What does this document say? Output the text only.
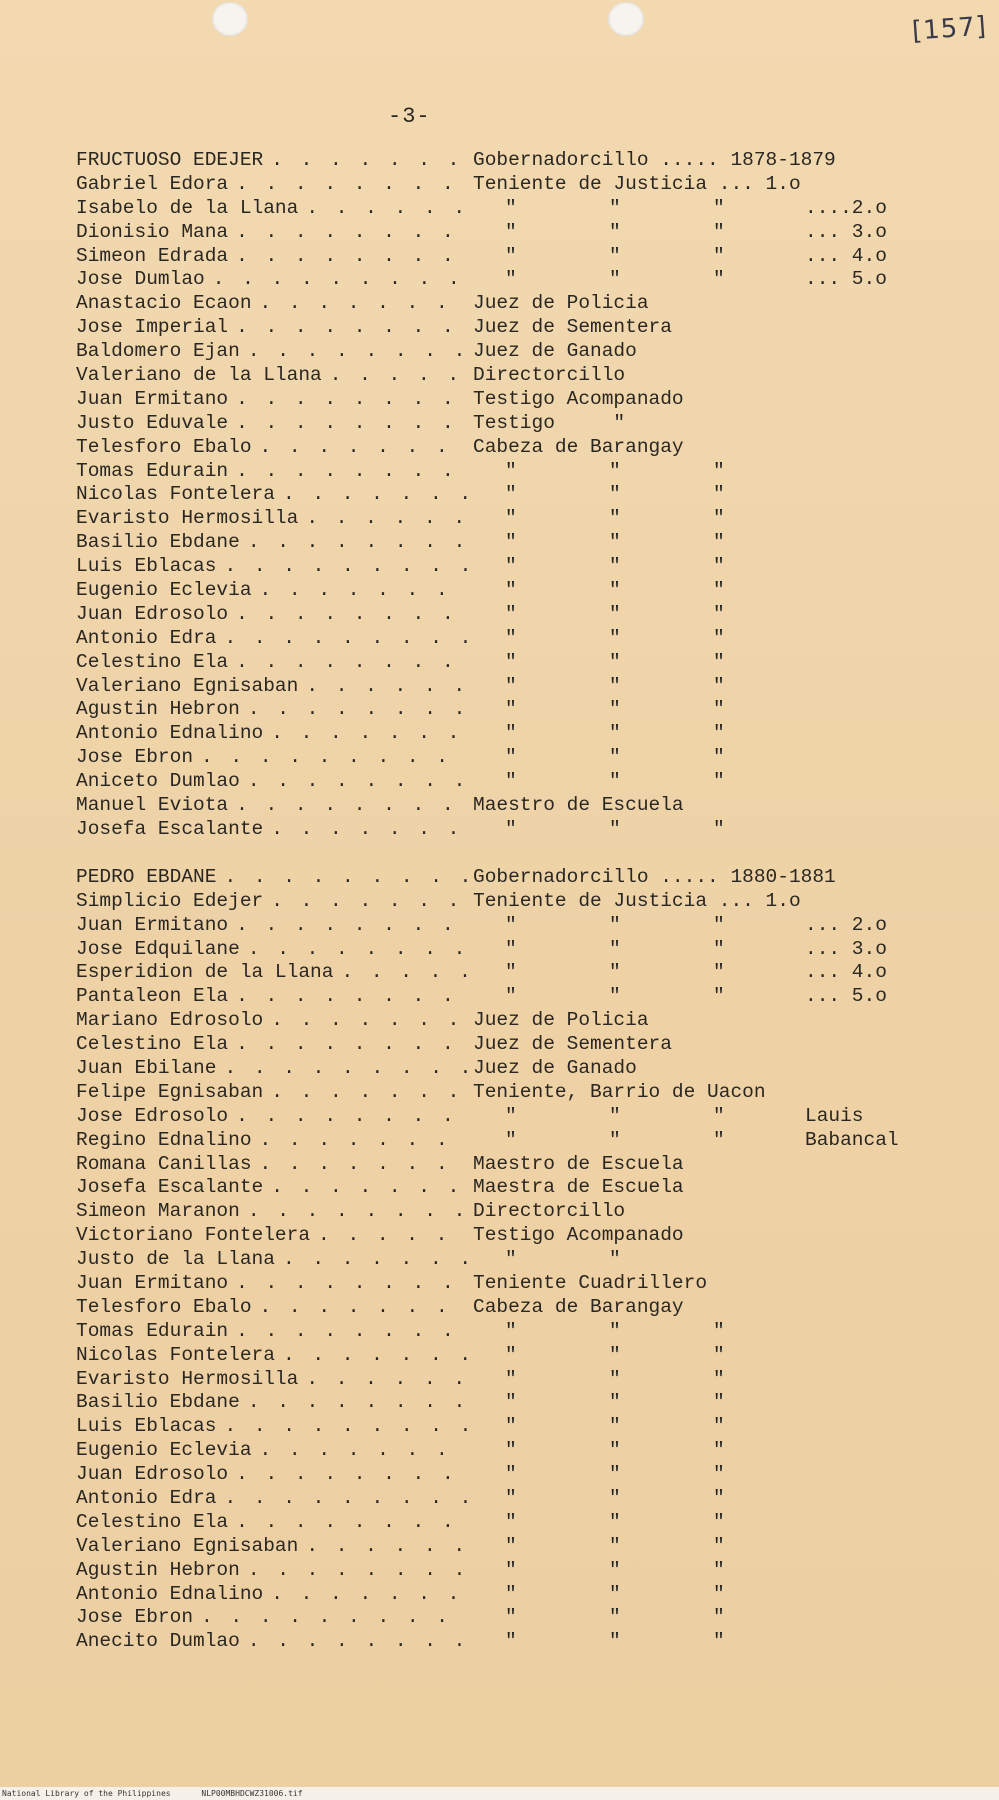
[157]
-3-
FRUCTUOSO EDEJER . . .	Gobernadorcillo ..... 1878-1879
Gabriel Edora . . .	Teniente de Justicia ... 1.o
Isabelo de la Llana . . .	"	"	"	....2.o
Dionisio Mana . . .	"	"	"	... 3.o
Simeon Edrada . . .	"	"	"	... 4.o
Jose Dumlao . . .	"	"	"	... 5.o
Anastacio Ecaon . . .	Juez de Policia
Jose Imperial . . .	Juez de Sementera
Baldomero Ejan . . .	Juez de Ganado
Valeriano de la Llana . . .	Directorcillo
Juan Ermitano . . .	Testigo Acompanado
Justo Eduvale . . .	Testigo     "
Telesforo Ebalo . . .	Cabeza de Barangay
Tomas Edurain . . .	"	"	"
Nicolas Fontelera . . .	"	"	"
Evaristo Hermosilla . . .	"	"	"
Basilio Ebdane . . .	"	"	"
Luis Eblacas . . .	"	"	"
Eugenio Eclevia . . .	"	"	"
Juan Edrosolo . . .	"	"	"
Antonio Edra . . .	"	"	"
Celestino Ela . . .	"	"	"
Valeriano Egnisaban . . .	"	"	"
Agustin Hebron . . .	"	"	"
Antonio Ednalino . . .	"	"	"
Jose Ebron . . .	"	"	"
Aniceto Dumlao . . .	"	"	"
Manuel Eviota . . .	Maestro de Escuela
Josefa Escalante . . .	"	"	"
PEDRO EBDANE . . .	Gobernadorcillo ..... 1880-1881
Simplicio Edejer . . .	Teniente de Justicia ... 1.o
Juan Ermitano . . .	"	"	"	... 2.o
Jose Edquilane . . .	"	"	"	... 3.o
Esperidion de la Llana . . .	"	"	"	... 4.o
Pantaleon Ela . . .	"	"	"	... 5.o
Mariano Edrosolo . . .	Juez de Policia
Celestino Ela . . .	Juez de Sementera
Juan Ebilane . . .	Juez de Ganado
Felipe Egnisaban . . .	Teniente, Barrio de Uacon
Jose Edrosolo . . .	"	"	"	Lauis
Regino Ednalino . . .	"	"	"	Babancal
Romana Canillas . . .	Maestro de Escuela
Josefa Escalante . . .	Maestra de Escuela
Simeon Maranon . . .	Directorcillo
Victoriano Fontelera . . .	Testigo Acompanado
Justo de la Llana . . .	"	"
Juan Ermitano . . .	Teniente Cuadrillero
Telesforo Ebalo . . .	Cabeza de Barangay
Tomas Edurain . . .	"	"	"
Nicolas Fontelera . . .	"	"	"
Evaristo Hermosilla . . .	"	"	"
Basilio Ebdane . . .	"	"	"
Luis Eblacas . . .	"	"	"
Eugenio Eclevia . . .	"	"	"
Juan Edrosolo . . .	"	"	"
Antonio Edra . . .	"	"	"
Celestino Ela . . .	"	"	"
Valeriano Egnisaban . . .	"	"	"
Agustin Hebron . . .	"	"	"
Antonio Ednalino . . .	"	"	"
Jose Ebron . . .	"	"	"
Anecito Dumlao . . .	"	"	"
National Library of the Philippines	NLP00MBHDCWZ31006.tif
